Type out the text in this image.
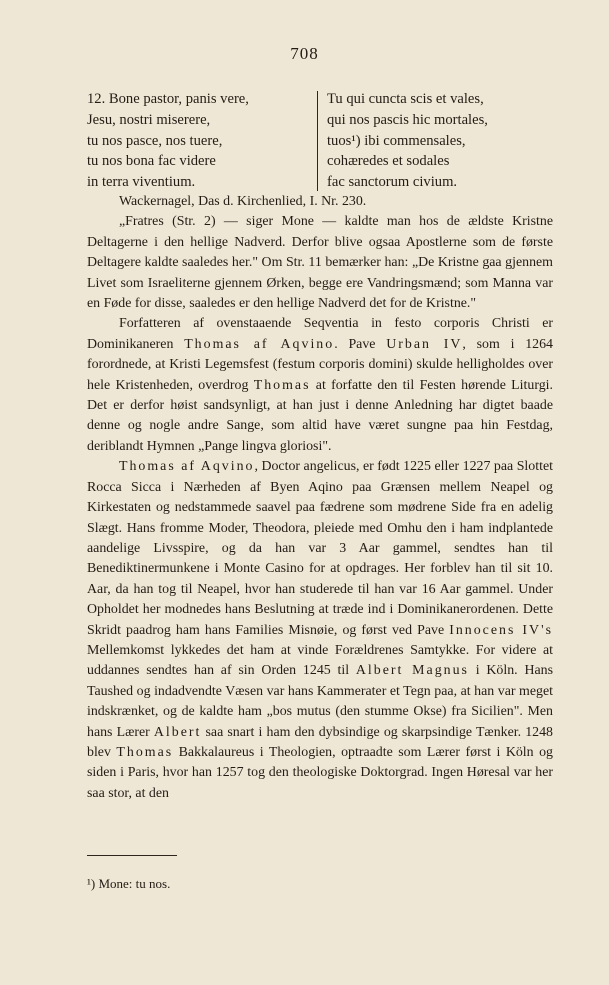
708
12. Bone pastor, panis vere,
Jesu, nostri miserere,
tu nos pasce, nos tuere,
tu nos bona fac videre
in terra viventium.
Tu qui cuncta scis et vales,
qui nos pascis hic mortales,
tuos¹) ibi commensales,
cohæredes et sodales
fac sanctorum civium.

Wackernagel, Das d. Kirchenlied, I. Nr. 230.

„Fratres (Str. 2) — siger Mone — kaldte man hos de ældste Kristne Deltagerne i den hellige Nadverd. Derfor blive ogsaa Apostlerne som de første Deltagere kaldte saaledes her." Om Str. 11 bemærker han: „De Kristne gaa gjennem Livet som Israeliterne gjennem Ørken, begge ere Vandringsmænd; som Manna var en Føde for disse, saaledes er den hellige Nadverd det for de Kristne."

Forfatteren af ovenstaaende Seqventia in festo corporis Christi er Dominikaneren Thomas af Aqvino. Pave Urban IV, som i 1264 forordnede, at Kristi Legemsfest (festum corporis domini) skulde helligholdes over hele Kristenheden, overdrog Thomas at forfatte den til Festen hørende Liturgi. Det er derfor høist sandsynligt, at han just i denne Anledning har digtet baade denne og nogle andre Sange, som altid have været sungne paa hin Festdag, deriblandt Hymnen „Pange lingva gloriosi".

Thomas af Aqvino, Doctor angelicus, er født 1225 eller 1227 paa Slottet Rocca Sicca i Nærheden af Byen Aqino paa Grænsen mellem Neapel og Kirkestaten og nedstammede saavel paa fædrene som mødrene Side fra en adelig Slægt. Hans fromme Moder, Theodora, pleiede med Omhu den i ham indplantede aandelige Livsspire, og da han var 3 Aar gammel, sendtes han til Benediktinermunkene i Monte Casino for at opdrages. Her forblev han til sit 10. Aar, da han tog til Neapel, hvor han studerede til han var 16 Aar gammel. Under Opholdet her modnedes hans Beslutning at træde ind i Dominikanerordenen. Dette Skridt paadrog ham hans Families Misnøie, og først ved Pave Innocens IV's Mellemkomst lykkedes det ham at vinde Forældrenes Samtykke. For videre at uddannes sendtes han af sin Orden 1245 til Albert Magnus i Köln. Hans Taushed og indadvendte Væsen var hans Kammerater et Tegn paa, at han var meget indskrænket, og de kaldte ham „bos mutus (den stumme Okse) fra Sicilien". Men hans Lærer Albert saa snart i ham den dybsindige og skarpsindige Tænker. 1248 blev Thomas Bakkalaureus i Theologien, optraadte som Lærer først i Köln og siden i Paris, hvor han 1257 tog den theologiske Doktorgrad. Ingen Høresal var her saa stor, at den

¹) Mone: tu nos.
